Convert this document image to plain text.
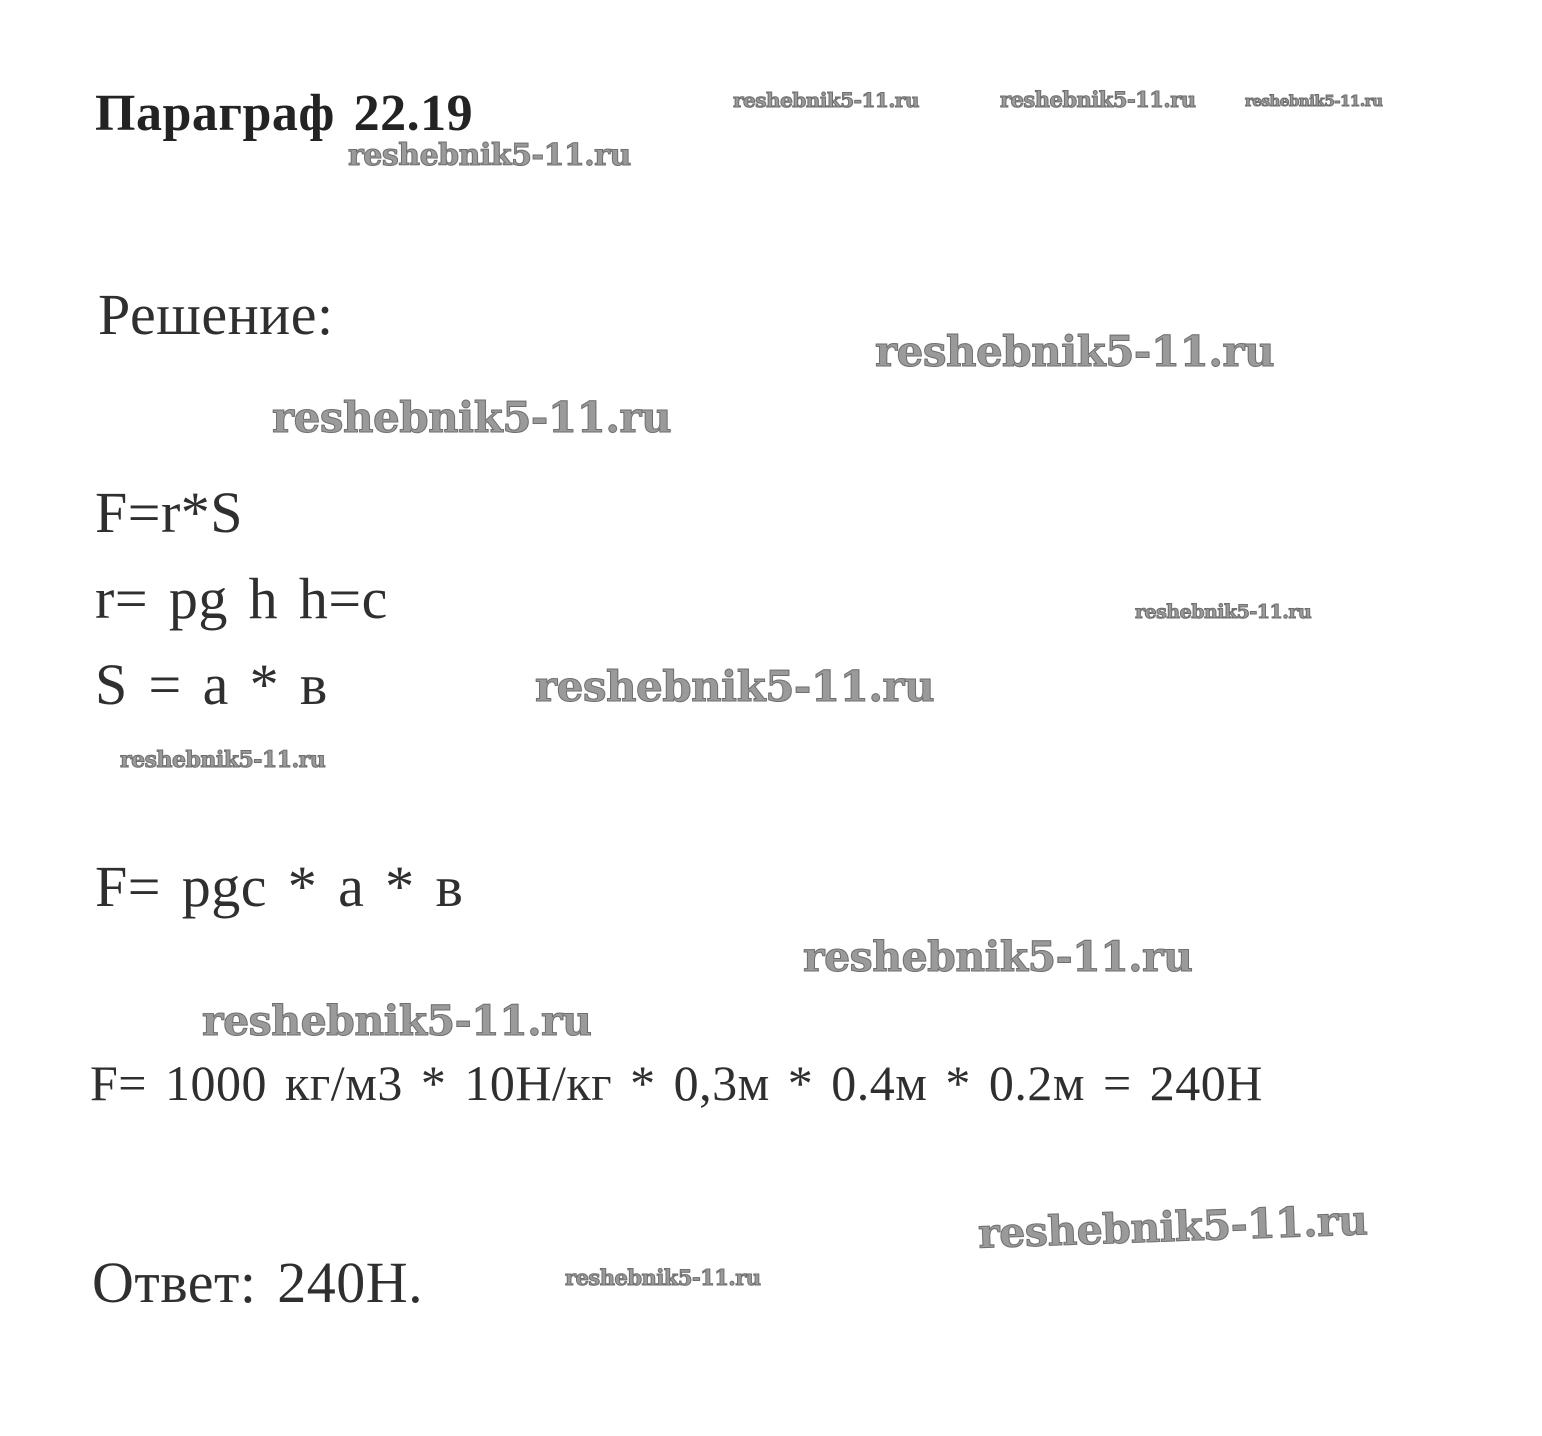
Параграф 22.19
Решение:
F=r*S
r= pg h h=c
S = a * в
F= pgc * a * в
F= 1000 кг/м3 * 10Н/кг * 0,3м * 0.4м * 0.2м = 240Н
Ответ: 240Н.
reshebnik5-11.ru
reshebnik5-11.ru	reshebnik5-11.ru	reshebnik5-11.ru
reshebnik5-11.ru
reshebnik5-11.ru
reshebnik5-11.ru
reshebnik5-11.ru
reshebnik5-11.ru
reshebnik5-11.ru
reshebnik5-11.ru
reshebnik5-11.ru
reshebnik5-11.ru
